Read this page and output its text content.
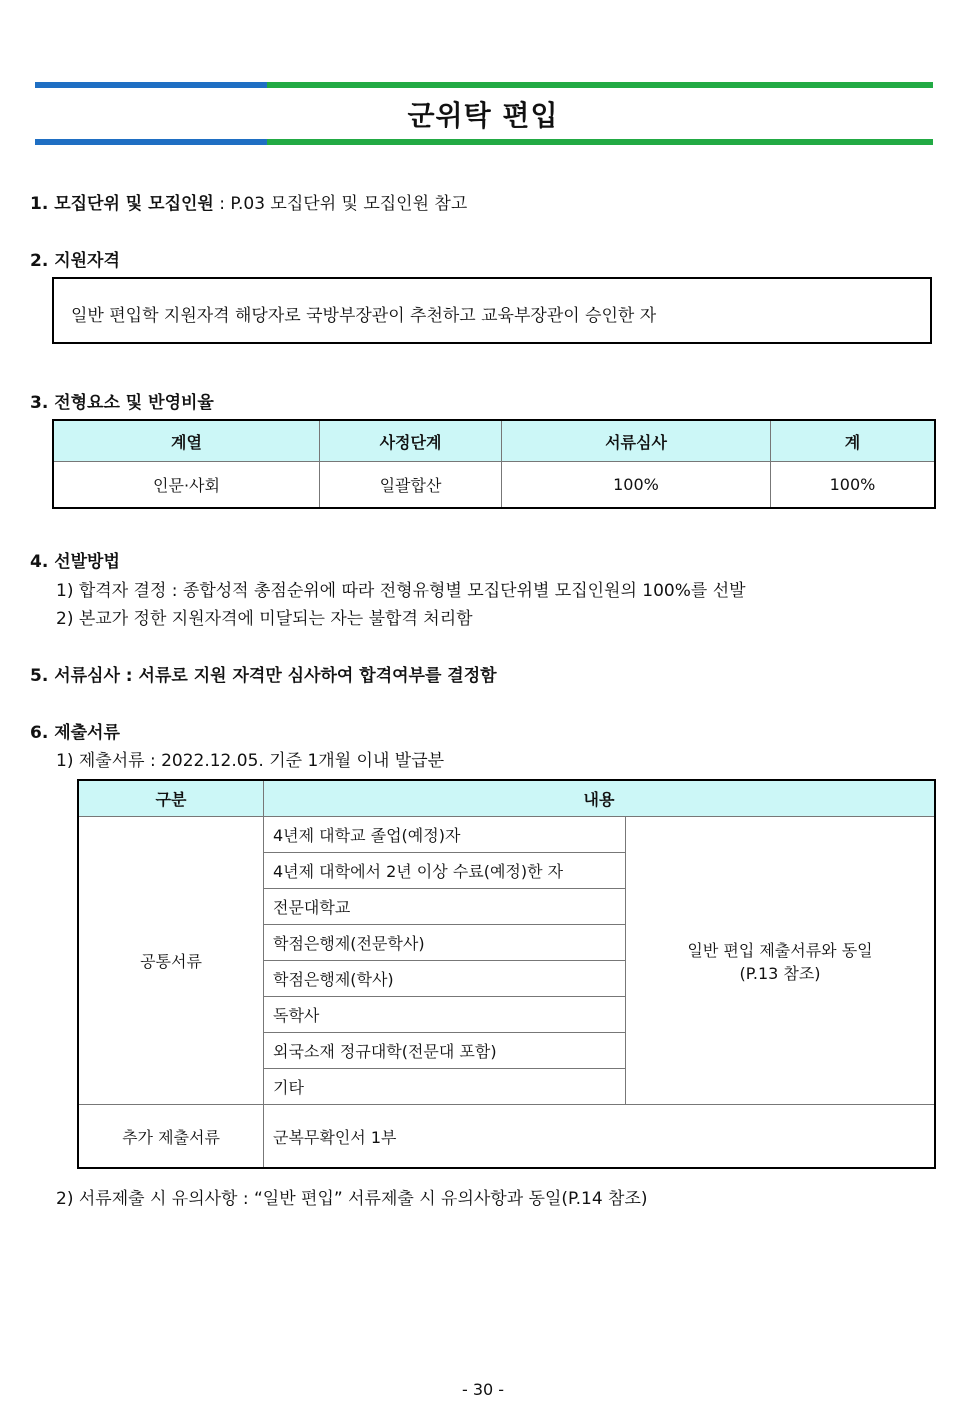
군위탁 편입
1. 모집단위 및 모집인원 : P.03 모집단위 및 모집인원 참고
2. 지원자격
일반 편입학 지원자격 해당자로 국방부장관이 추천하고 교육부장관이 승인한 자
3. 전형요소 및 반영비율
계열	사정단계	서류심사	계
인문·사회	일괄합산	100%	100%
4. 선발방법
1) 합격자 결정 : 종합성적 총점순위에 따라 전형유형별 모집단위별 모집인원의 100%를 선발
2) 본교가 정한 지원자격에 미달되는 자는 불합격 처리함
5. 서류심사 : 서류로 지원 자격만 심사하여 합격여부를 결정함
6. 제출서류
1) 제출서류 : 2022.12.05. 기준 1개월 이내 발급분
구분	내용	
공통서류	4년제 대학교 졸업(예정)자	일반 편입 제출서류와 동일
(P.13 참조)

	4년제 대학에서 2년 이상 수료(예정)한 자	
	전문대학교	
	학점은행제(전문학사)	
	학점은행제(학사)	
	독학사	
	외국소재 정규대학(전문대 포함)	
	기타	
추가 제출서류	군복무확인서 1부	
2) 서류제출 시 유의사항 : “일반 편입” 서류제출 시 유의사항과 동일(P.14 참조)
- 30 -
